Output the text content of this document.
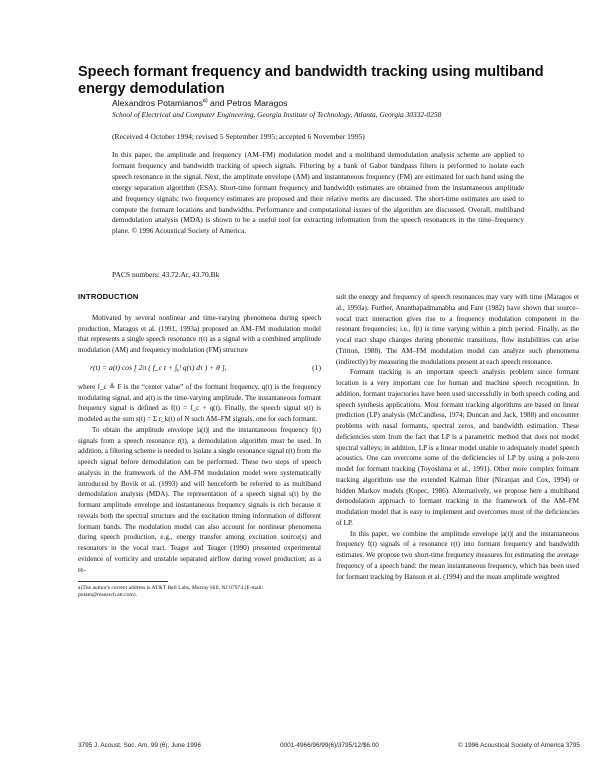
Speech formant frequency and bandwidth tracking using multiband energy demodulation
Alexandros Potamianos$^{a)}$ and Petros Maragos
School of Electrical and Computer Engineering, Georgia Institute of Technology, Atlanta, Georgia 30332-0250
(Received 4 October 1994; revised 5 September 1995; accepted 6 November 1995)
In this paper, the amplitude and frequency (AM–FM) modulation model and a multiband demodulation analysis scheme are applied to formant frequency and bandwidth tracking of speech signals. Filtering by a bank of Gabor bandpass filters is performed to isolate each speech resonance in the signal. Next, the amplitude envelope (AM) and instantaneous frequency (FM) are estimated for each band using the energy separation algorithm (ESA). Short-time formant frequency and bandwidth estimates are obtained from the instantaneous amplitude and frequency signals; two frequency estimates are proposed and their relative merits are discussed. The short-time estimates are used to compute the formant locations and bandwidths. Performance and computational issues of the algorithm are discussed. Overall, multiband demodulation analysis (MDA) is shown to be a useful tool for extracting information from the speech resonances in the time–frequency plane. © 1996 Acoustical Society of America.
PACS numbers: 43.72.Ar, 43.70.Bk
INTRODUCTION

Motivated by several nonlinear and time-varying phenomena during speech production, Maragos et al. (1991, 1993a) proposed an AM–FM modulation model that represents a single speech resonance r(t) as a signal with a combined amplitude modulation (AM) and frequency modulation (FM) structure

r(t) = a(t) cos [ 2π ( f_c t + ∫₀ᵗ q(τ) dτ ) + θ ],	(1)

where f_c ≜ F is the “center value” of the formant frequency, q(t) is the frequency modulating signal, and a(t) is the time-varying amplitude. The instantaneous formant frequency signal is defined as f(t) = f_c + q(t). Finally, the speech signal s(t) is modeled as the sum s(t) = Σ r_k(t) of N such AM–FM signals, one for each formant.

To obtain the amplitude envelope |a(t)| and the instantaneous frequency f(t) signals from a speech resonance r(t), a demodulation algorithm must be used. In addition, a filtering scheme is needed to isolate a single resonance signal r(t) from the speech signal before demodulation can be performed. These two steps of speech analysis in the framework of the AM–FM modulation model were systematically introduced by Bovik et al. (1993) and will henceforth be referred to as multiband demodulation analysis (MDA). The representation of a speech signal s(t) by the formant amplitude envelope and instantaneous frequency signals is rich because it reveals both the spectral structure and the excitation timing information of different formant bands. The modulation model can also account for nonlinear phenomena during speech production, e.g., energy transfer among excitation source(s) and resonators in the vocal tract. Teager and Teager (1990) presented experimental evidence of vorticity and unstable separated airflow during vowel production; as a re-

a)The author's current address is AT&T Bell Labs, Murray Hill, NJ 07974 (E-mail: potam@research.att.com).

sult the energy and frequency of speech resonances may vary with time (Maragos et al., 1993a). Further, Ananthapadmanabha and Fant (1982) have shown that source–vocal tract interaction gives rise to a frequency modulation component in the resonant frequencies; i.e., f(t) is time varying within a pitch period. Finally, as the vocal tract shape changes during phonemic transitions, flow instabilities can arise (Tritton, 1988). The AM–FM modulation model can analyze such phenomena (indirectly) by measuring the modulations present at each speech resonance.

Formant tracking is an important speech analysis problem since formant location is a very important cue for human and machine speech recognition. In addition, formant trajectories have been used successfully in both speech coding and speech synthesis applications. Most formant tracking algorithms are based on linear prediction (LP) analysis (McCandless, 1974; Duncan and Jack, 1988) and encounter problems with nasal formants, spectral zeros, and bandwidth estimation. These deficiencies stem from the fact that LP is a parametric method that does not model spectral valleys; in addition, LP is a linear model unable to adequately model speech acoustics. One can overcome some of the deficiencies of LP by using a pole-zero model for formant tracking (Toyoshima et al., 1991). Other more complex formant tracking algorithms use the extended Kalman filter (Niranjan and Cox, 1994) or hidden Markov models (Kopec, 1986). Alternatively, we propose here a multiband demodulation approach to formant tracking in the framework of the AM–FM modulation model that is easy to implement and overcomes most of the deficiencies of LP.

In this paper, we combine the amplitude envelope |a(t)| and the instantaneous frequency f(t) signals of a resonance r(t) into formant frequency and bandwidth estimates. We propose two short-time frequency measures for estimating the average frequency of a speech band: the mean instantaneous frequency, which has been used for formant tracking by Hanson et al. (1994) and the mean amplitude weighted

3795 J. Acoust. Soc. Am. 99 (6), June 1996	0001-4966/96/99(6)/3795/12/$6.00	© 1996 Acoustical Society of America 3795
